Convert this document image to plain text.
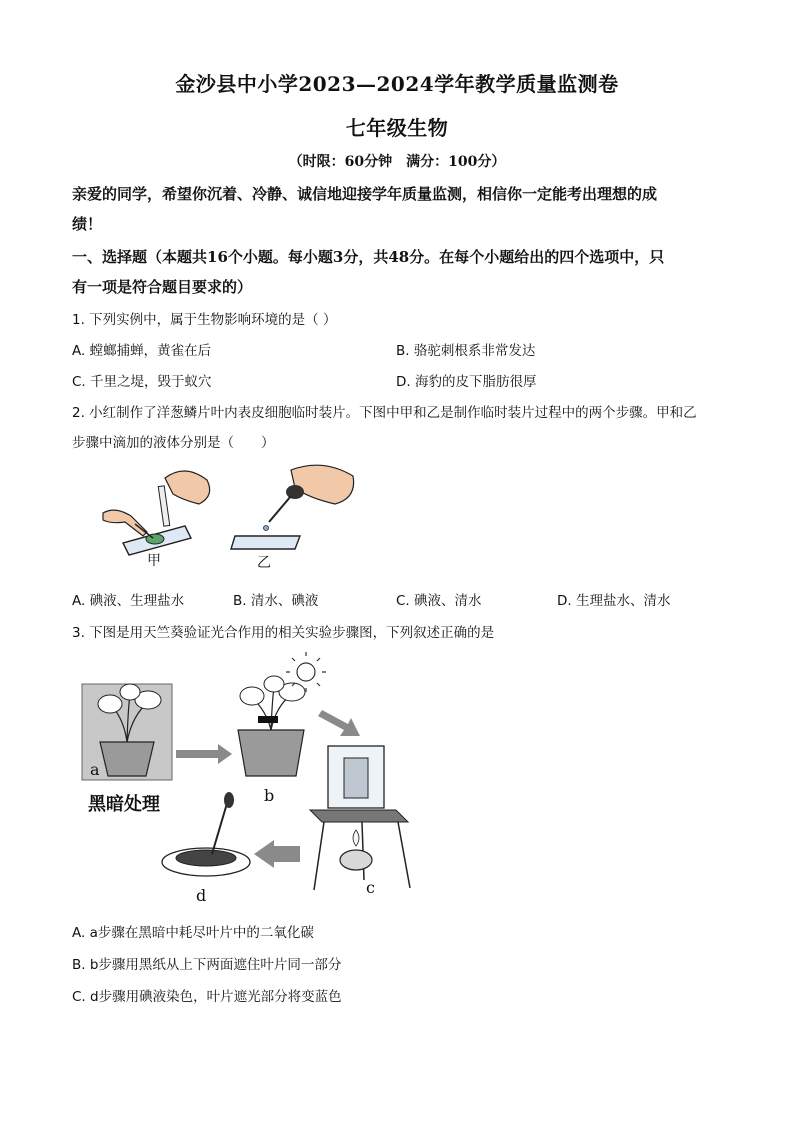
金沙县中小学2023—2024学年教学质量监测卷
七年级生物
（时限：60分钟　满分：100分）
亲爱的同学，希望你沉着、冷静、诚信地迎接学年质量监测，相信你一定能考出理想的成
绩！
一、选择题（本题共16个小题。每小题3分，共48分。在每个小题给出的四个选项中，只
有一项是符合题目要求的）
1. 下列实例中，属于生物影响环境的是（ ）
A. 螳螂捕蝉，黄雀在后	B. 骆驼刺根系非常发达
C. 千里之堤，毁于蚁穴	D. 海豹的皮下脂肪很厚
2. 小红制作了洋葱鳞片叶内表皮细胞临时装片。下图中甲和乙是制作临时装片过程中的两个步骤。甲和乙
步骤中滴加的液体分别是（　　）
甲	乙
A. 碘液、生理盐水	B. 清水、碘液	C. 碘液、清水	D. 生理盐水、清水
3. 下图是用天竺葵验证光合作用的相关实验步骤图，下列叙述正确的是
a
黑暗处理	b
c
d
A. a步骤在黑暗中耗尽叶片中的二氧化碳
B. b步骤用黑纸从上下两面遮住叶片同一部分
C. d步骤用碘液染色，叶片遮光部分将变蓝色
